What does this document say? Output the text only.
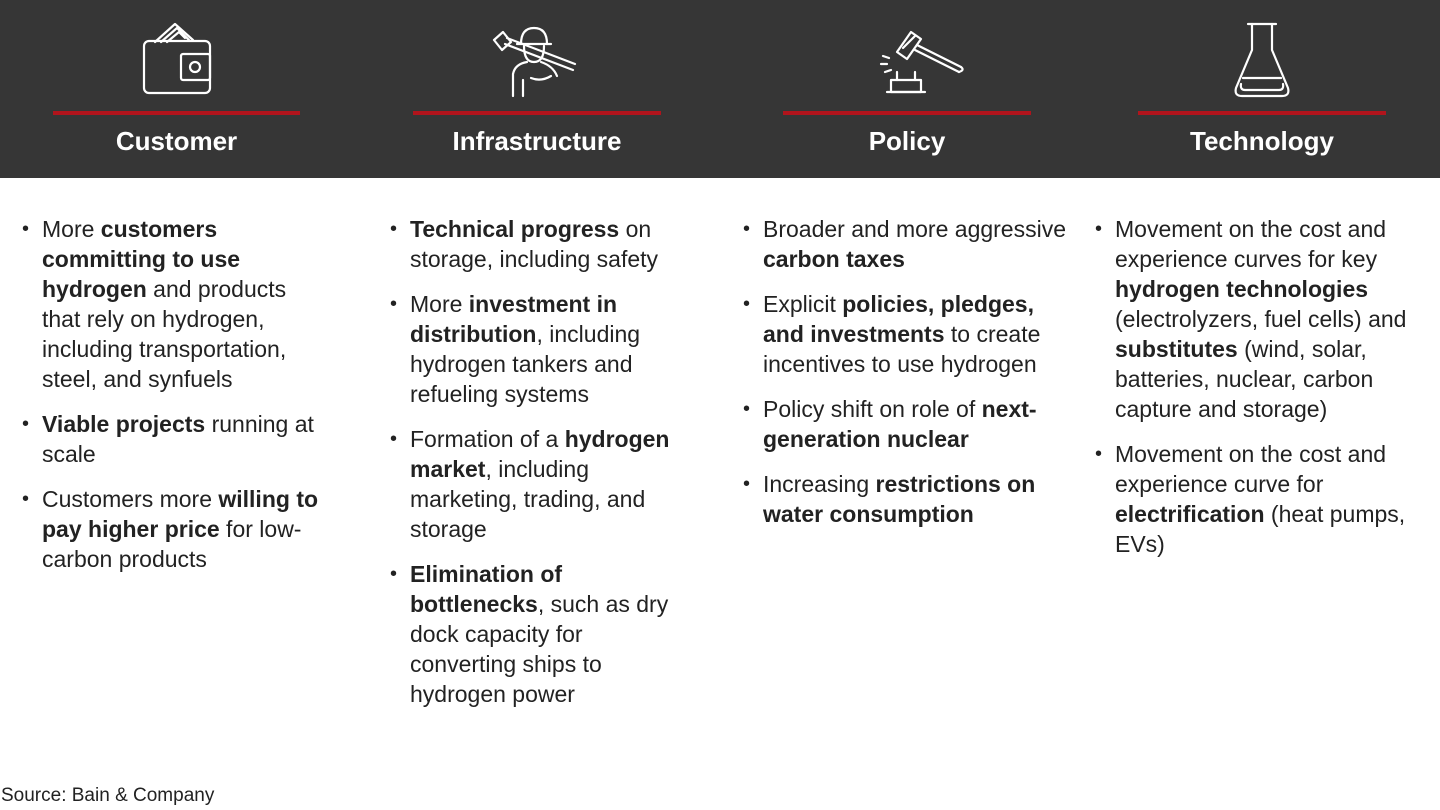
Customer	Infrastructure	Policy	Technology
• More customers committing to use hydrogen and products that rely on hydrogen, including transportation, steel, and synfuels
• Viable projects running at scale
• Customers more willing to pay higher price for low-carbon products
• Technical progress on storage, including safety
• More investment in distribution, including hydrogen tankers and refueling systems
• Formation of a hydrogen market, including marketing, trading, and storage
• Elimination of bottlenecks, such as dry dock capacity for converting ships to hydrogen power
• Broader and more aggressive carbon taxes
• Explicit policies, pledges, and investments to create incentives to use hydrogen
• Policy shift on role of next-generation nuclear
• Increasing restrictions on water consumption
• Movement on the cost and experience curves for key hydrogen technologies (electrolyzers, fuel cells) and substitutes (wind, solar, batteries, nuclear, carbon capture and storage)
• Movement on the cost and experience curve for electrification (heat pumps, EVs)
Source: Bain & Company
